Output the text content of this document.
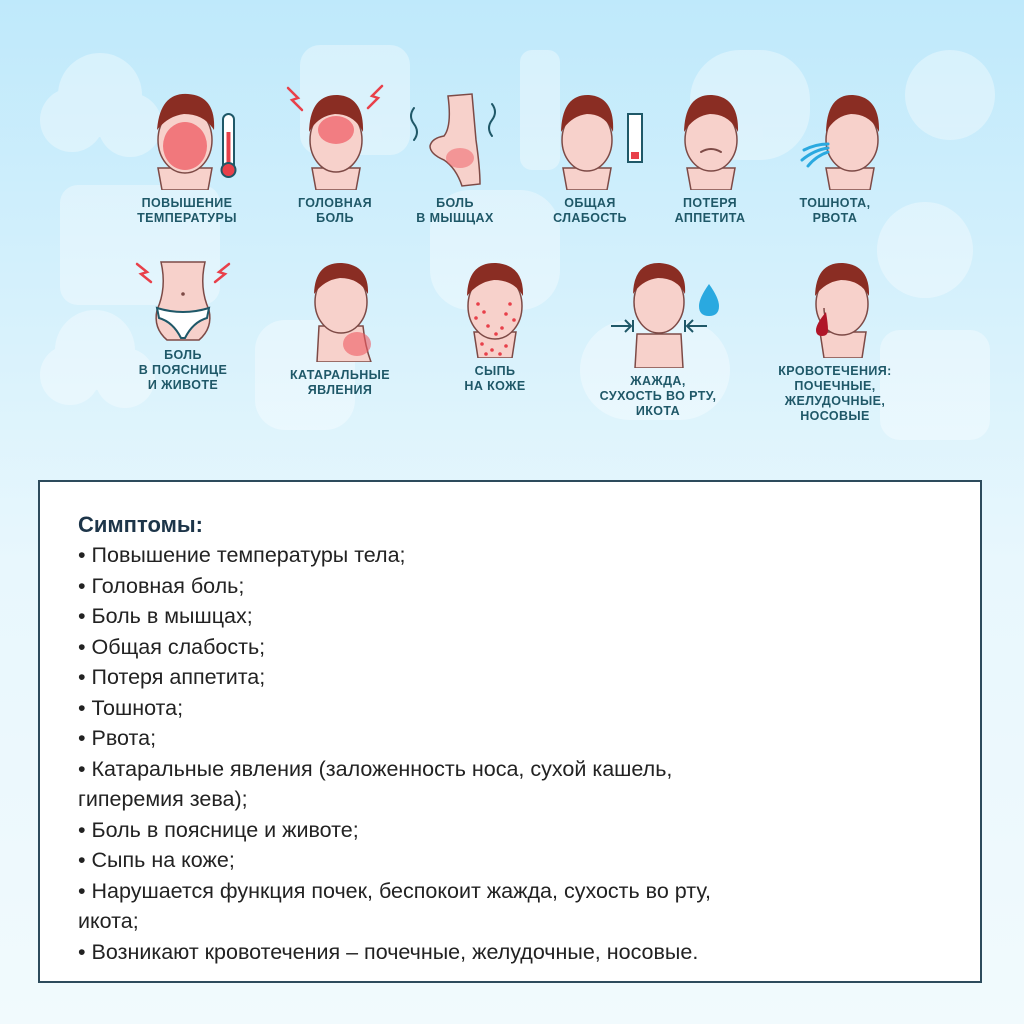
ПОВЫШЕНИЕ
ТЕМПЕРАТУРЫ
ГОЛОВНАЯ
БОЛЬ
БОЛЬ
В МЫШЦАХ
ОБЩАЯ
СЛАБОСТЬ
ПОТЕРЯ
АППЕТИТА
ТОШНОТА,
РВОТА
БОЛЬ
В ПОЯСНИЦЕ
И ЖИВОТЕ
КАТАРАЛЬНЫЕ
ЯВЛЕНИЯ
СЫПЬ
НА КОЖЕ	ЖАЖДА,
СУХОСТЬ ВО РТУ,
ИКОТА
КРОВОТЕЧЕНИЯ:
ПОЧЕЧНЫЕ,
ЖЕЛУДОЧНЫЕ,
НОСОВЫЕ
Симптомы:
• Повышение температуры тела;
• Головная боль;
• Боль в мышцах;
• Общая слабость;
• Потеря аппетита;
• Тошнота;
• Рвота;
• Катаральные явления (заложенность носа, сухой кашель,
гиперемия зева);
• Боль в пояснице и животе;
• Сыпь на коже;
• Нарушается функция почек, беспокоит жажда, сухость во рту,
икота;
• Возникают кровотечения – почечные, желудочные, носовые.
